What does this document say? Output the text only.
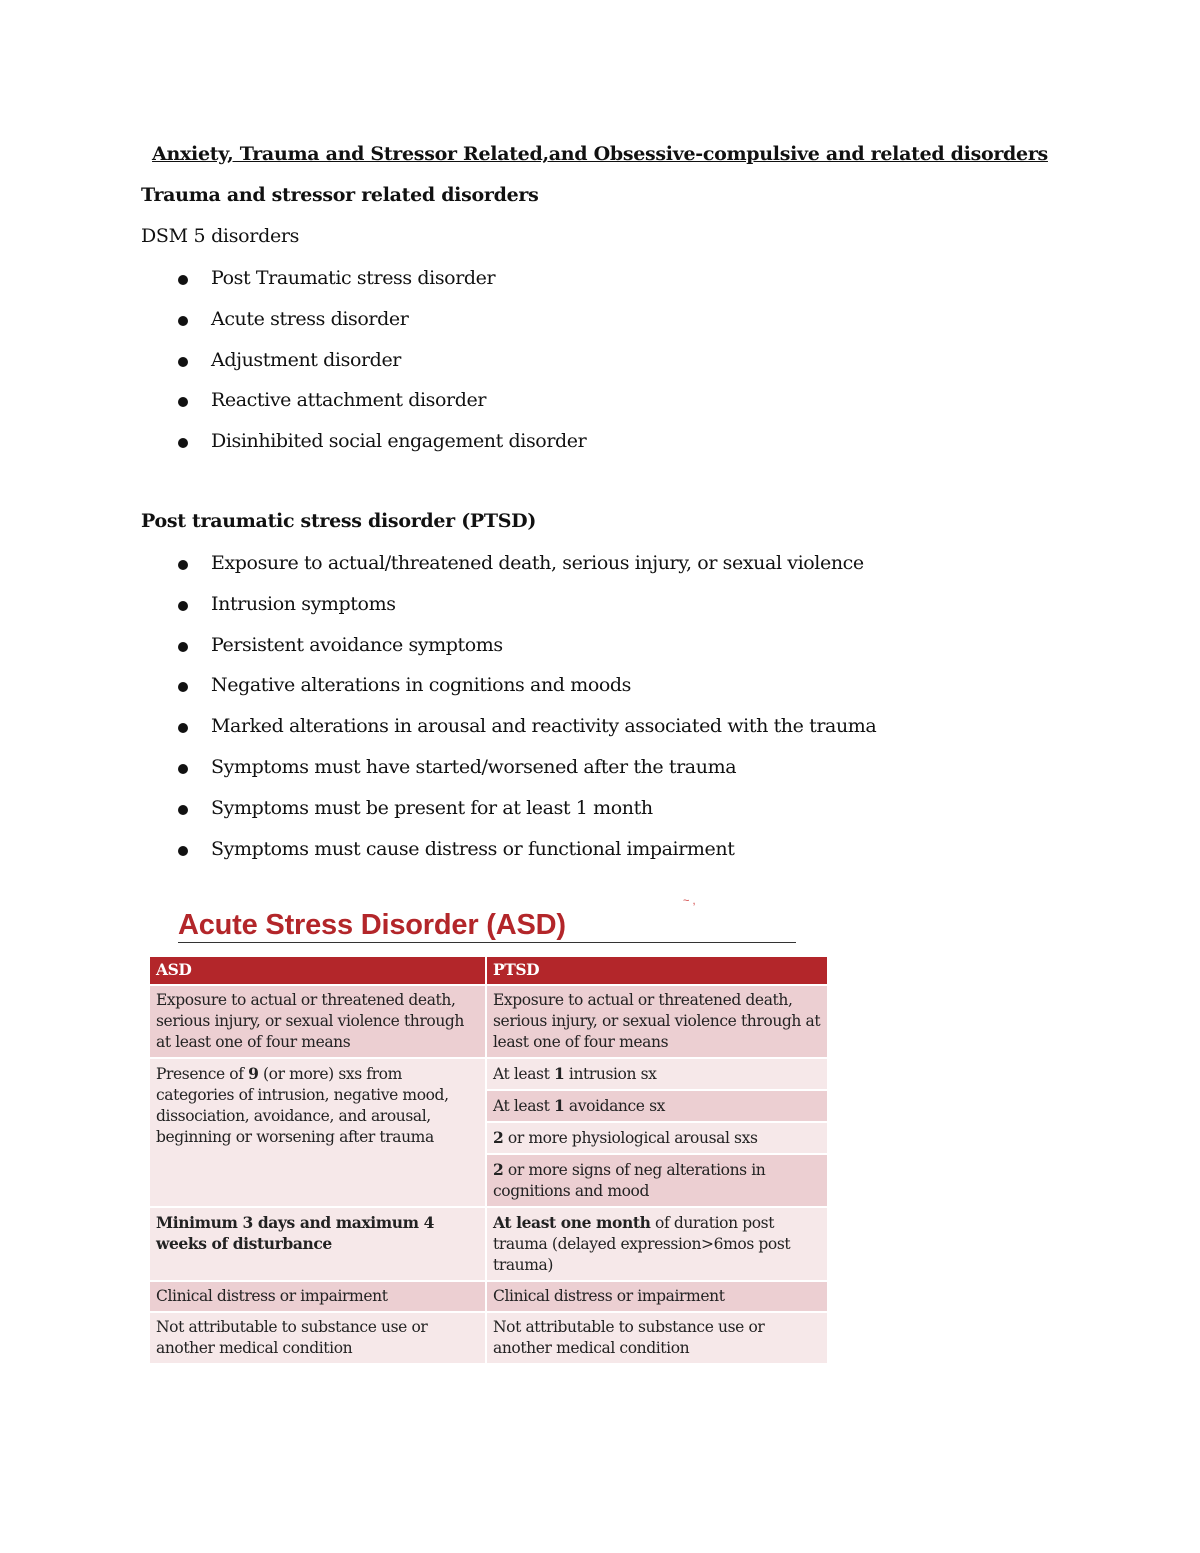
Anxiety, Trauma and Stressor Related,and Obsessive-compulsive and related disorders
Trauma and stressor related disorders
DSM 5 disorders
Post Traumatic stress disorder
Acute stress disorder
Adjustment disorder
Reactive attachment disorder
Disinhibited social engagement disorder
Post traumatic stress disorder (PTSD)
Exposure to actual/threatened death, serious injury, or sexual violence
Intrusion symptoms
Persistent avoidance symptoms
Negative alterations in cognitions and moods
Marked alterations in arousal and reactivity associated with the trauma
Symptoms must have started/worsened after the trauma
Symptoms must be present for at least 1 month
Symptoms must cause distress or functional impairment
~ ,
Acute Stress Disorder (ASD)
ASD	PTSD
Exposure to actual or threatened death, serious injury, or sexual violence through at least one of four means	Exposure to actual or threatened death, serious injury, or sexual violence through at least one of four means
Presence of 9 (or more) sxs from categories of intrusion, negative mood, dissociation, avoidance, and arousal, beginning or worsening after trauma	At least 1 intrusion sx
	At least 1 avoidance sx
	2 or more physiological arousal sxs
	2 or more signs of neg alterations in cognitions and mood
Minimum 3 days and maximum 4 weeks of disturbance	At least one month of duration post trauma (delayed expression>6mos post trauma)
Clinical distress or impairment	Clinical distress or impairment
Not attributable to substance use or another medical condition	Not attributable to substance use or another medical condition
